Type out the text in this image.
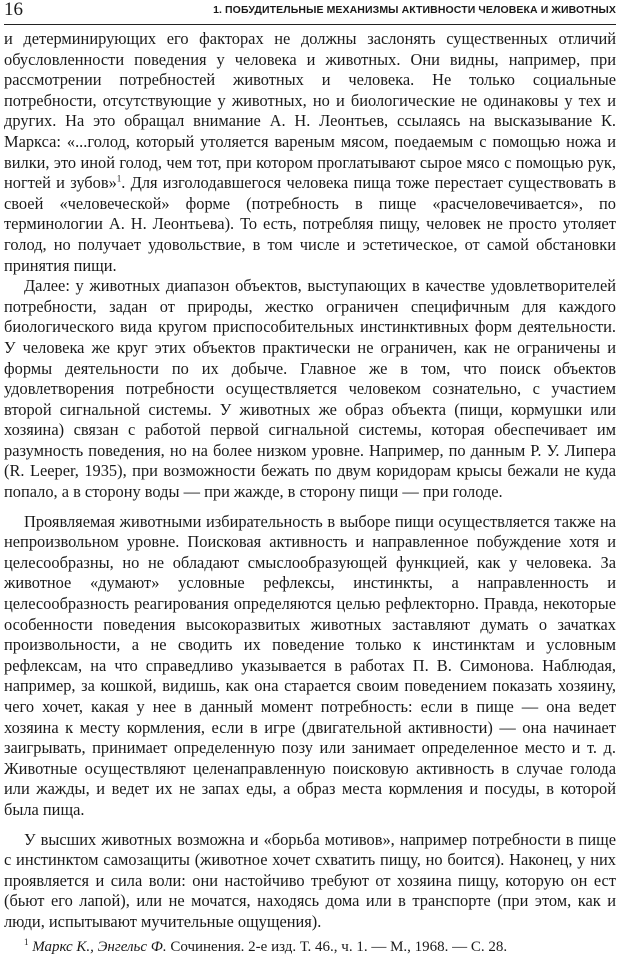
16	1. ПОБУДИТЕЛЬНЫЕ МЕХАНИЗМЫ АКТИВНОСТИ ЧЕЛОВЕКА И ЖИВОТНЫХ

и детерминирующих его факторах не должны заслонять существенных отличий обусловленности поведения у человека и животных. Они видны, например, при рассмотрении потребностей животных и человека. Не только социальные потребности, отсутствующие у животных, но и биологические не одинаковы у тех и других. На это обращал внимание А. Н. Леонтьев, ссылаясь на высказывание К. Маркса: «...голод, который утоляется вареным мясом, поедаемым с помощью ножа и вилки, это иной голод, чем тот, при котором проглатывают сырое мясо с помощью рук, ногтей и зубов»$^1$. Для изголодавшегося человека пища тоже перестает существовать в своей «человеческой» форме (потребность в пище «расчеловечивается», по терминологии А. Н. Леонтьева). То есть, потребляя пищу, человек не просто утоляет голод, но получает удовольствие, в том числе и эстетическое, от самой обстановки принятия пищи.

Далее: у животных диапазон объектов, выступающих в качестве удовлетворителей потребности, задан от природы, жестко ограничен специфичным для каждого биологического вида кругом приспособительных инстинктивных форм деятельности. У человека же круг этих объектов практически не ограничен, как не ограничены и формы деятельности по их добыче. Главное же в том, что поиск объектов удовлетворения потребности осуществляется человеком сознательно, с участием второй сигнальной системы. У животных же образ объекта (пищи, кормушки или хозяина) связан с работой первой сигнальной системы, которая обеспечивает им разумность поведения, но на более низком уровне. Например, по данным Р. У. Липера (R. Leeper, 1935), при возможности бежать по двум коридорам крысы бежали не куда попало, а в сторону воды — при жажде, в сторону пищи — при голоде.

Проявляемая животными избирательность в выборе пищи осуществляется также на непроизвольном уровне. Поисковая активность и направленное побуждение хотя и целесообразны, но не обладают смыслообразующей функцией, как у человека. За животное «думают» условные рефлексы, инстинкты, а направленность и целесообразность реагирования определяются целью рефлекторно. Правда, некоторые особенности поведения высокоразвитых животных заставляют думать о зачатках произвольности, а не сводить их поведение только к инстинктам и условным рефлексам, на что справедливо указывается в работах П. В. Симонова. Наблюдая, например, за кошкой, видишь, как она старается своим поведением показать хозяину, чего хочет, какая у нее в данный момент потребность: если в пище — она ведет хозяина к месту кормления, если в игре (двигательной активности) — она начинает заигрывать, принимает определенную позу или занимает определенное место и т. д. Животные осуществляют целенаправленную поисковую активность в случае голода или жажды, и ведет их не запах еды, а образ места кормления и посуды, в которой была пища.

У высших животных возможна и «борьба мотивов», например потребности в пище с инстинктом самозащиты (животное хочет схватить пищу, но боится). Наконец, у них проявляется и сила воли: они настойчиво требуют от хозяина пищу, которую он ест (бьют его лапой), или не мочатся, находясь дома или в транспорте (при этом, как и люди, испытывают мучительные ощущения).

$^1$ Маркс К., Энгельс Ф. Сочинения. 2-е изд. Т. 46., ч. 1. — М., 1968. — С. 28.
